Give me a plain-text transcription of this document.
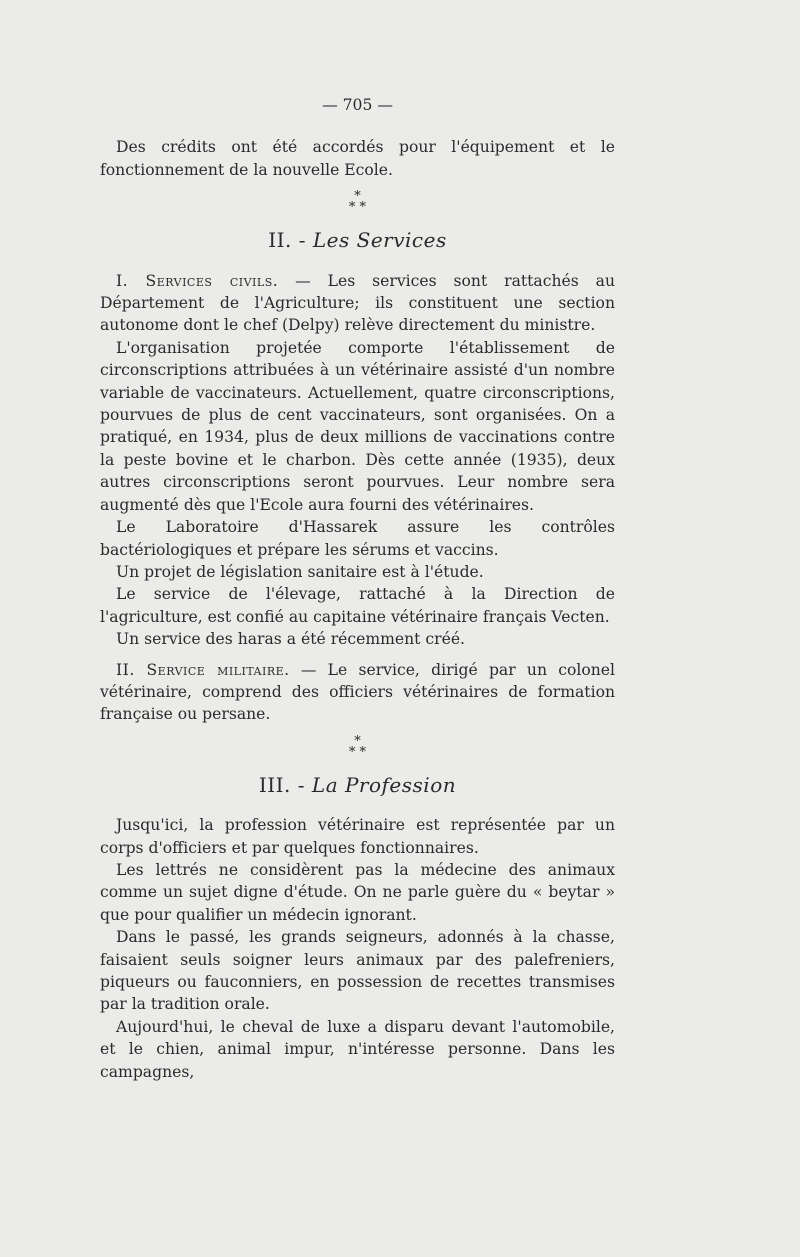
— 705 —

Des crédits ont été accordés pour l'équipement et le fonctionnement de la nouvelle Ecole.

*
* *
II. - Les Services

I. Services civils. — Les services sont rattachés au Département de l'Agriculture; ils constituent une section autonome dont le chef (Delpy) relève directement du ministre.

L'organisation projetée comporte l'établissement de circonscriptions attribuées à un vétérinaire assisté d'un nombre variable de vaccinateurs. Actuellement, quatre circonscriptions, pourvues de plus de cent vaccinateurs, sont organisées. On a pratiqué, en 1934, plus de deux millions de vaccinations contre la peste bovine et le charbon. Dès cette année (1935), deux autres circonscriptions seront pourvues. Leur nombre sera augmenté dès que l'Ecole aura fourni des vétérinaires.

Le Laboratoire d'Hassarek assure les contrôles bactériologiques et prépare les sérums et vaccins.

Un projet de législation sanitaire est à l'étude.

Le service de l'élevage, rattaché à la Direction de l'agriculture, est confié au capitaine vétérinaire français Vecten.

Un service des haras a été récemment créé.

II. Service militaire. — Le service, dirigé par un colonel vétérinaire, comprend des officiers vétérinaires de formation française ou persane.

*
* *
III. - La Profession

Jusqu'ici, la profession vétérinaire est représentée par un corps d'officiers et par quelques fonctionnaires.

Les lettrés ne considèrent pas la médecine des animaux comme un sujet digne d'étude. On ne parle guère du « beytar » que pour qualifier un médecin ignorant.

Dans le passé, les grands seigneurs, adonnés à la chasse, faisaient seuls soigner leurs animaux par des palefreniers, piqueurs ou fauconniers, en possession de recettes transmises par la tradition orale.

Aujourd'hui, le cheval de luxe a disparu devant l'automobile, et le chien, animal impur, n'intéresse personne. Dans les campagnes,
